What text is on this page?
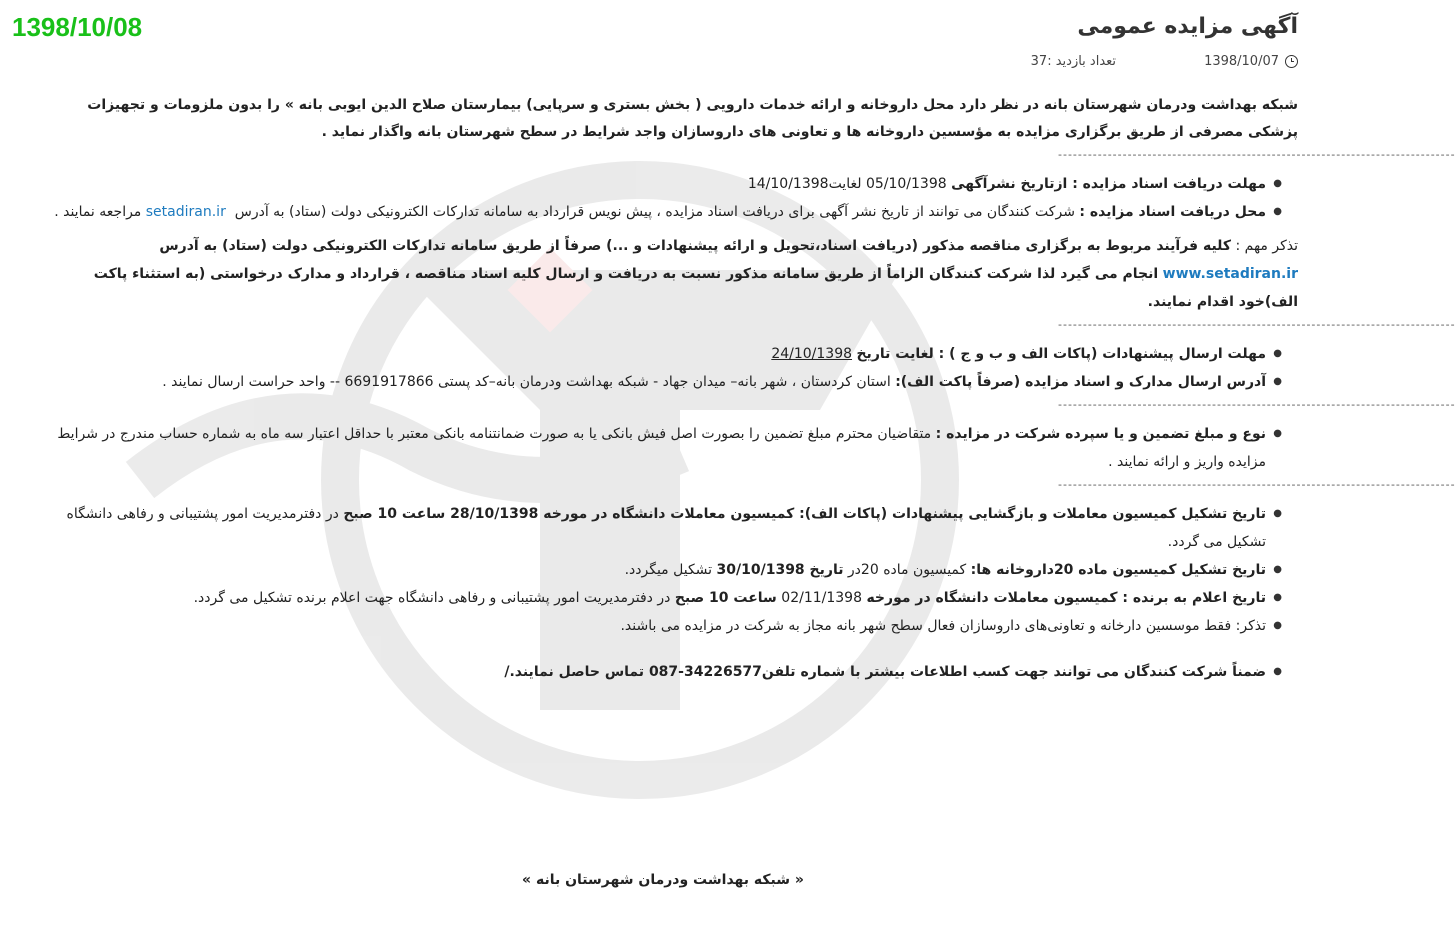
1398/10/08	آگهی مزایده عمومی
1398/10/07
تعداد بازدید :37

شبکه بهداشت ودرمان شهرستان بانه در نظر دارد محل داروخانه و ارائه خدمات دارویی ( بخش بستری و سرپایی) بیمارستان صلاح الدین ایوبی بانه » را بدون ملزومات و تجهیزات پزشکی مصرفی از طریق برگزاری مزایده به مؤسسین داروخانه ها و تعاونی های داروسازان واجد شرایط در سطح شهرستان بانه واگذار نماید .

--------------------------------------------------------------------------------
● مهلت دریافت اسناد مزایده : ازتاریخ نشرآگهی 05/10/1398 لغایت14/10/1398
● محل دریافت اسناد مزایده : شرکت کنندگان می توانند از تاریخ نشر آگهی برای دریافت اسناد مزایده ، پیش نویس قرارداد به سامانه تدارکات الکترونیکی دولت (ستاد) به آدرس  setadiran.ir مراجعه نمایند .

تذکر مهم : کلیه فرآیند مربوط به برگزاری مناقصه مذکور (دریافت اسناد،تحویل و ارائه پیشنهادات و ...) صرفاً از طریق سامانه تدارکات الکترونیکی دولت (ستاد) به آدرس www.setadiran.ir انجام می گیرد لذا شرکت کنندگان الزاماً از طریق سامانه مذکور نسبت به دریافت و ارسال کلیه اسناد مناقصه ، قرارداد و مدارک درخواستی (به استثناء پاکت الف)خود اقدام نمایند.

--------------------------------------------------------------------------------
● مهلت ارسال پیشنهادات (پاکات الف و ب و ج ) : لغایت تاریخ 24/10/1398
● آدرس ارسال مدارک و اسناد مزایده (صرفاً پاکت الف): استان کردستان ، شهر بانه– میدان جهاد - شبکه بهداشت ودرمان بانه–کد پستی 6691917866 -- واحد حراست ارسال نمایند .
--------------------------------------------------------------------------------
● نوع و مبلغ تضمین و یا سپرده شرکت در مزایده : متقاضیان محترم مبلغ تضمین را بصورت اصل فیش بانکی یا به صورت ضمانتنامه بانکی معتبر با حداقل اعتبار سه ماه به شماره حساب مندرج در شرایط مزایده واریز و ارائه نمایند .
--------------------------------------------------------------------------------
● تاریخ تشکیل کمیسیون معاملات و بازگشایی پیشنهادات (پاکات الف): کمیسیون معاملات دانشگاه در مورخه 28/10/1398 ساعت 10 صبح در دفترمدیریت امور پشتیبانی و رفاهی دانشگاه تشکیل می گردد.
● تاریخ تشکیل کمیسیون ماده 20داروخانه ها: کمیسیون ماده 20در تاریخ 30/10/1398 تشکیل میگردد.
● تاریخ اعلام به برنده : کمیسیون معاملات دانشگاه در مورخه 02/11/1398 ساعت 10 صبح در دفترمدیریت امور پشتیبانی و رفاهی دانشگاه جهت اعلام برنده تشکیل می گردد.
● تذکر: فقط موسسین دارخانه و تعاونی‌های داروسازان فعال سطح شهر بانه مجاز به شرکت در مزایده می باشند.
● ضمناً شرکت کنندگان می توانند جهت کسب اطلاعات بیشتر با شماره تلفن34226577-087 تماس حاصل نمایند./
« شبکه بهداشت ودرمان شهرستان بانه »
